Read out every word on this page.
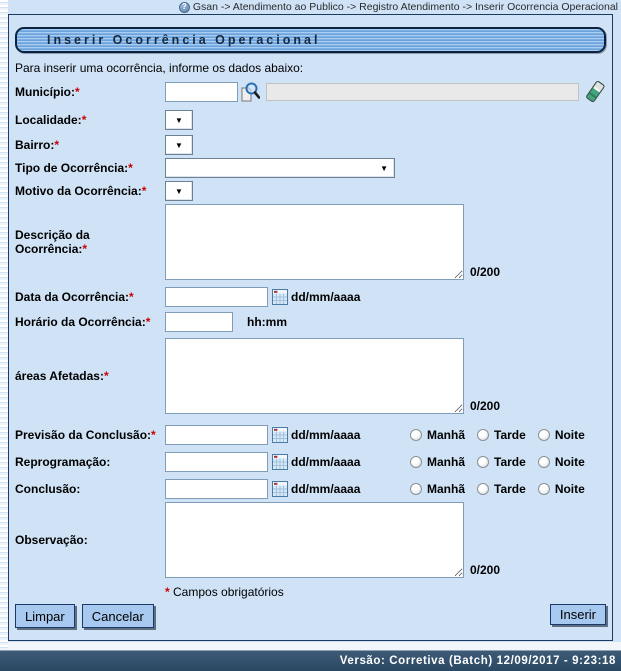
? Gsan -> Atendimento ao Publico -> Registro Atendimento -> Inserir Ocorrencia Operacional
Inserir Ocorrência Operacional
Para inserir uma ocorrência, informe os dados abaixo:
Município:*
Localidade:*	▼
Bairro:*	▼
Tipo de Ocorrência:*	▼
Motivo da Ocorrência:*	▼
Descrição da Ocorrência:*
0/200
Data da Ocorrência:*	dd/mm/aaaa
Horário da Ocorrência:*	hh:mm
áreas Afetadas:*
0/200
Previsão da Conclusão:*	dd/mm/aaaa	Manhã Tarde Noite
Reprogramação:	dd/mm/aaaa	Manhã Tarde Noite
Conclusão:	dd/mm/aaaa	Manhã Tarde Noite
Observação:
0/200
* Campos obrigatórios
Limpar	Cancelar	Inserir
Versão: Corretiva (Batch) 12/09/2017 - 9:23:18
